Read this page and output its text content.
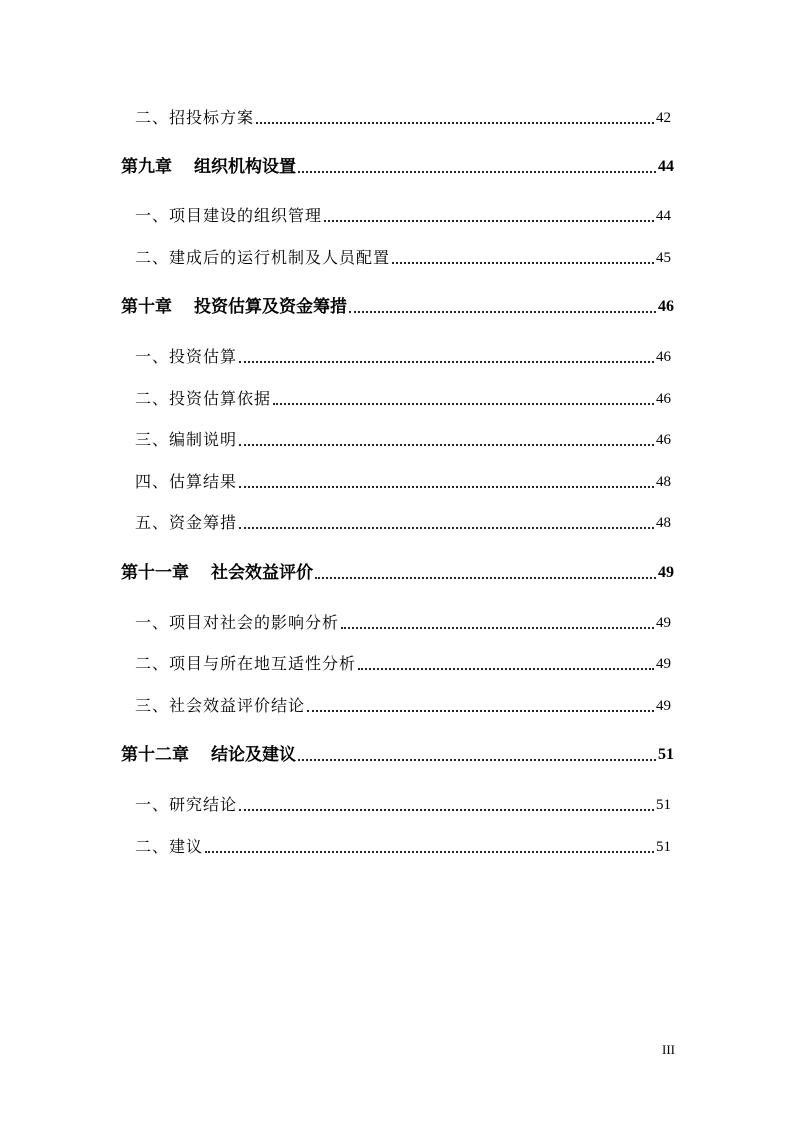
二、招投标方案	42
第九章 组织机构设置	44
一、项目建设的组织管理	44
二、建成后的运行机制及人员配置	45
第十章 投资估算及资金筹措	46
一、投资估算	46
二、投资估算依据	46
三、编制说明	46
四、估算结果	48
五、资金筹措	48
第十一章 社会效益评价	49
一、项目对社会的影响分析	49
二、项目与所在地互适性分析	49
三、社会效益评价结论	49
第十二章 结论及建议	51
一、研究结论	51
二、建议	51
III
